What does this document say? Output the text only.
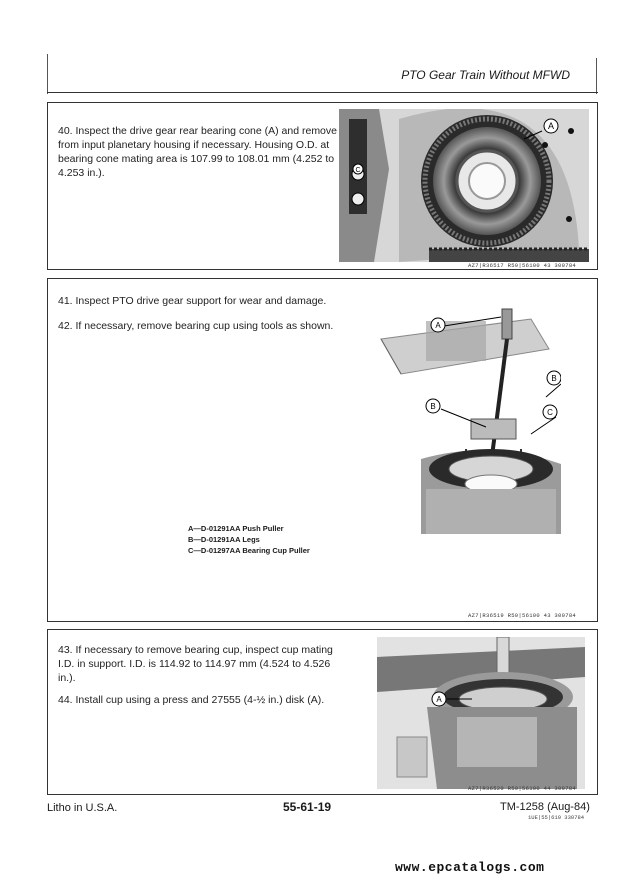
PTO Gear Train Without MFWD
40. Inspect the drive gear rear bearing cone (A) and remove from input planetary housing if necessary. Housing O.D. at bearing cone mating area is 107.99 to 108.01 mm (4.252 to 4.253 in.).
A
C
AZ7|R36517 R50|56100 43 300784
41. Inspect PTO drive gear support for wear and damage.
42. If necessary, remove bearing cup using tools as shown.
A—D-01291AA Push Puller
B—D-01291AA Legs
C—D-01297AA Bearing Cup Puller
A
B
B
C
AZ7|R36519 R50|56100 43 300784
43. If necessary to remove bearing cup, inspect cup mating I.D. in support. I.D. is 114.92 to 114.97 mm (4.524 to 4.526 in.).
44. Install cup using a press and 27555 (4-½ in.) disk (A).	A
AZ7|R36520 R50|56100 44 300784
Litho in U.S.A.	55-61-19	TM-1258 (Aug-84)
1UE|55|619 330784
www.epcatalogs.com
